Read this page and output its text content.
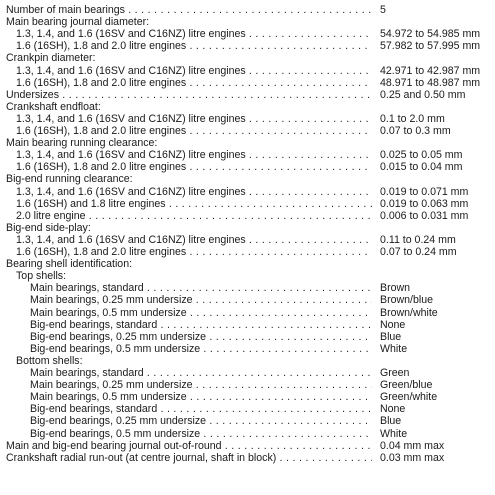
Number of main bearings . . .	5
Main bearing journal diameter:
1.3, 1.4, and 1.6 (16SV and C16NZ) litre engines . . .	54.972 to 54.985 mm
1.6 (16SH), 1.8 and 2.0 litre engines . . .	57.982 to 57.995 mm
Crankpin diameter:
1.3, 1.4, and 1.6 (16SV and C16NZ) litre engines . . .	42.971 to 42.987 mm
1.6 (16SH), 1.8 and 2.0 litre engines . . .	48.971 to 48.987 mm
Undersizes . . .	0.25 and 0.50 mm
Crankshaft endfloat:
1.3, 1.4, and 1.6 (16SV and C16NZ) litre engines . . .	0.1 to 2.0 mm
1.6 (16SH), 1.8 and 2.0 litre engines . . .	0.07 to 0.3 mm
Main bearing running clearance:
1.3, 1.4, and 1.6 (16SV and C16NZ) litre engines . . .	0.025 to 0.05 mm
1.6 (16SH), 1.8 and 2.0 litre engines . . .	0.015 to 0.04 mm
Big-end running clearance:
1.3, 1.4, and 1.6 (16SV and C16NZ) litre engines . . .	0.019 to 0.071 mm
1.6 (16SH) and 1.8 litre engines . . .	0.019 to 0.063 mm
2.0 litre engine . . .	0.006 to 0.031 mm
Big-end side-play:
1.3, 1.4, and 1.6 (16SV and C16NZ) litre engines . . .	0.11 to 0.24 mm
1.6 (16SH), 1.8 and 2.0 litre engines . . .	0.07 to 0.24 mm
Bearing shell identification:
Top shells:
Main bearings, standard . . .	Brown
Main bearings, 0.25 mm undersize . . .	Brown/blue
Main bearings, 0.5 mm undersize . . .	Brown/white
Big-end bearings, standard . . .	None
Big-end bearings, 0.25 mm undersize . . .	Blue
Big-end bearings, 0.5 mm undersize . . .	White
Bottom shells:
Main bearings, standard . . .	Green
Main bearings, 0.25 mm undersize . . .	Green/blue
Main bearings, 0.5 mm undersize . . .	Green/white
Big-end bearings, standard . . .	None
Big-end bearings, 0.25 mm undersize . . .	Blue
Big-end bearings, 0.5 mm undersize . . .	White
Main and big-end bearing journal out-of-round . . .	0.04 mm max
Crankshaft radial run-out (at centre journal, shaft in block) . . .	0.03 mm max
